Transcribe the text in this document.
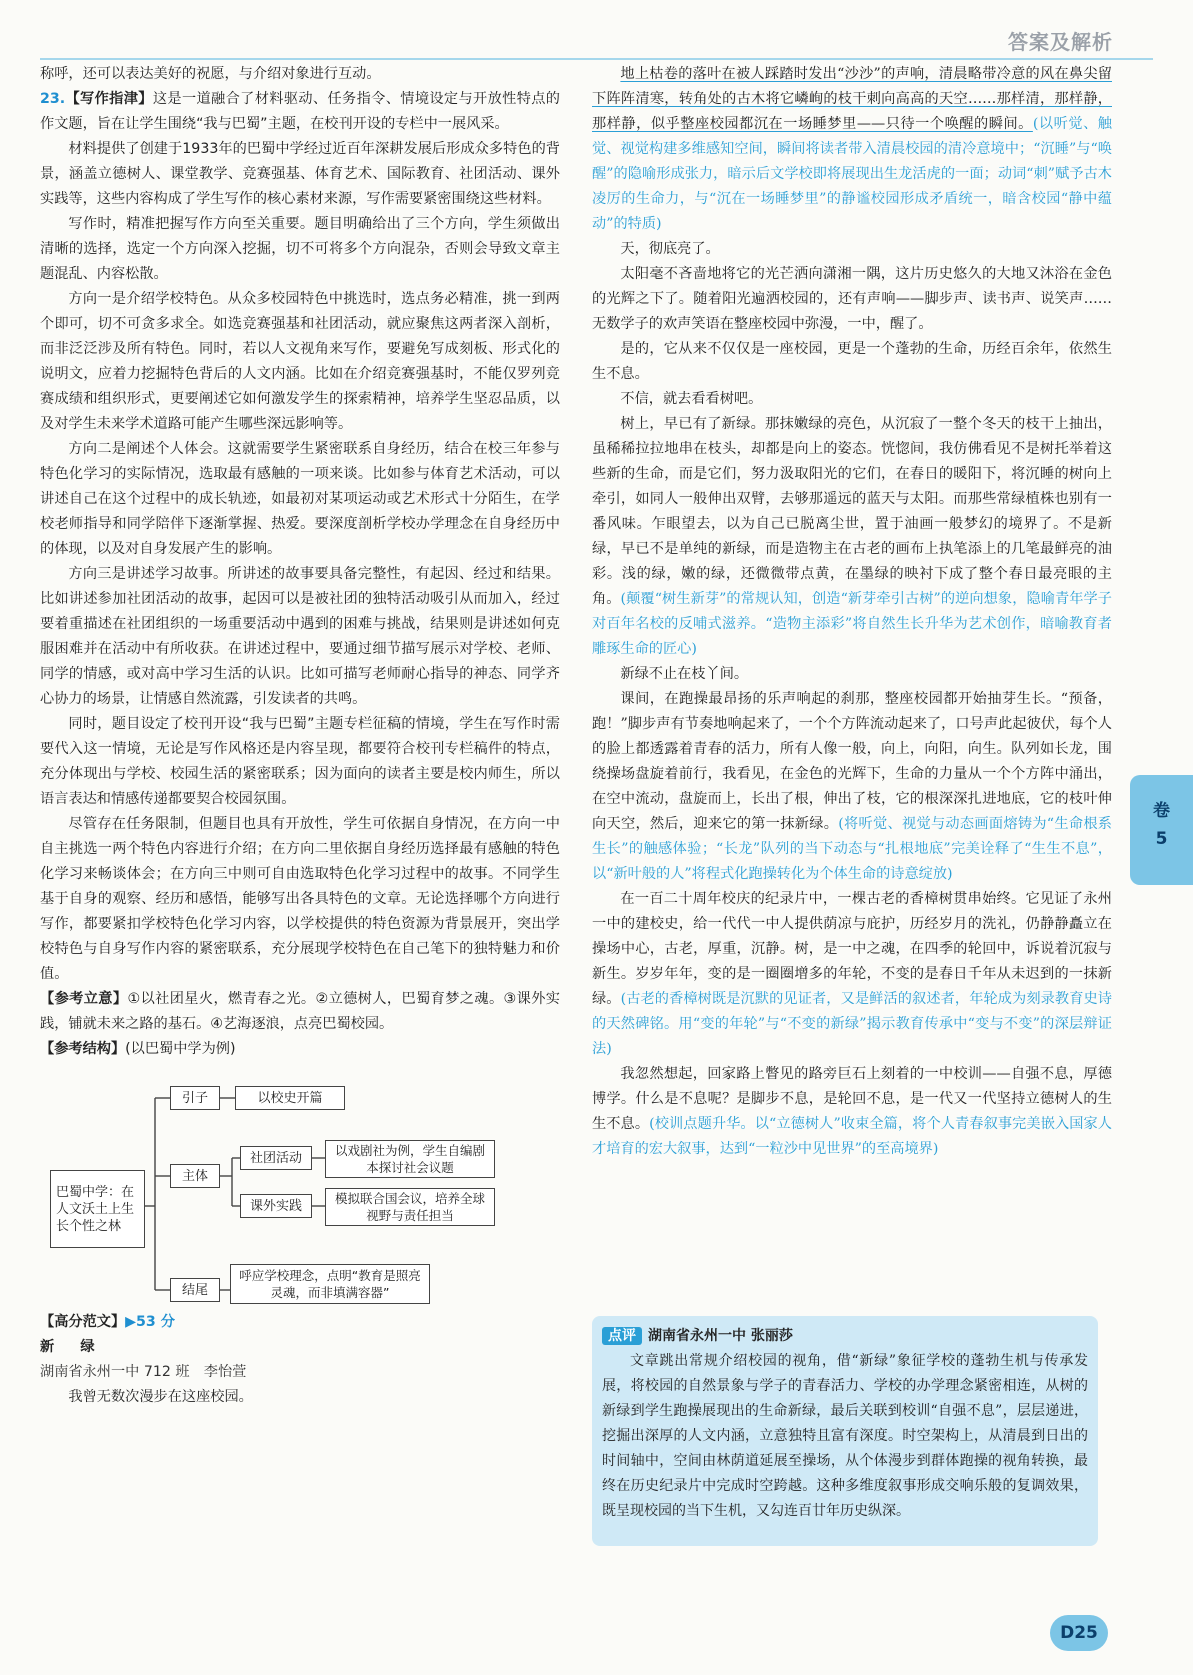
答案及解析

称呼，还可以表达美好的祝愿，与介绍对象进行互动。

23.【写作指津】这是一道融合了材料驱动、任务指令、情境设定与开放性特点的作文题，旨在让学生围绕“我与巴蜀”主题，在校刊开设的专栏中一展风采。

材料提供了创建于1933年的巴蜀中学经过近百年深耕发展后形成众多特色的背景，涵盖立德树人、课堂教学、竞赛强基、体育艺术、国际教育、社团活动、课外实践等，这些内容构成了学生写作的核心素材来源，写作需要紧密围绕这些材料。

写作时，精准把握写作方向至关重要。题目明确给出了三个方向，学生须做出清晰的选择，选定一个方向深入挖掘，切不可将多个方向混杂，否则会导致文章主题混乱、内容松散。

方向一是介绍学校特色。从众多校园特色中挑选时，选点务必精准，挑一到两个即可，切不可贪多求全。如选竞赛强基和社团活动，就应聚焦这两者深入剖析，而非泛泛涉及所有特色。同时，若以人文视角来写作，要避免写成刻板、形式化的说明文，应着力挖掘特色背后的人文内涵。比如在介绍竞赛强基时，不能仅罗列竞赛成绩和组织形式，更要阐述它如何激发学生的探索精神，培养学生坚忍品质，以及对学生未来学术道路可能产生哪些深远影响等。

方向二是阐述个人体会。这就需要学生紧密联系自身经历，结合在校三年参与特色化学习的实际情况，选取最有感触的一项来谈。比如参与体育艺术活动，可以讲述自己在这个过程中的成长轨迹，如最初对某项运动或艺术形式十分陌生，在学校老师指导和同学陪伴下逐渐掌握、热爱。要深度剖析学校办学理念在自身经历中的体现，以及对自身发展产生的影响。

方向三是讲述学习故事。所讲述的故事要具备完整性，有起因、经过和结果。比如讲述参加社团活动的故事，起因可以是被社团的独特活动吸引从而加入，经过要着重描述在社团组织的一场重要活动中遇到的困难与挑战，结果则是讲述如何克服困难并在活动中有所收获。在讲述过程中，要通过细节描写展示对学校、老师、同学的情感，或对高中学习生活的认识。比如可描写老师耐心指导的神态、同学齐心协力的场景，让情感自然流露，引发读者的共鸣。

同时，题目设定了校刊开设“我与巴蜀”主题专栏征稿的情境，学生在写作时需要代入这一情境，无论是写作风格还是内容呈现，都要符合校刊专栏稿件的特点，充分体现出与学校、校园生活的紧密联系；因为面向的读者主要是校内师生，所以语言表达和情感传递都要契合校园氛围。

尽管存在任务限制，但题目也具有开放性，学生可依据自身情况，在方向一中自主挑选一两个特色内容进行介绍；在方向二里依据自身经历选择最有感触的特色化学习来畅谈体会；在方向三中则可自由选取特色化学习过程中的故事。不同学生基于自身的观察、经历和感悟，能够写出各具特色的文章。无论选择哪个方向进行写作，都要紧扣学校特色化学习内容，以学校提供的特色资源为背景展开，突出学校特色与自身写作内容的紧密联系，充分展现学校特色在自己笔下的独特魅力和价值。

【参考立意】①以社团星火，燃青春之光。②立德树人，巴蜀育梦之魂。③课外实践，铺就未来之路的基石。④艺海逐浪，点亮巴蜀校园。

【参考结构】(以巴蜀中学为例)

巴蜀中学：在人文沃土上生长个性之林
引子	以校史开篇
主体
社团活动	以戏剧社为例，学生自编剧本探讨社会议题
课外实践	模拟联合国会议，培养全球视野与责任担当
结尾
呼应学校理念，点明“教育是照亮灵魂，而非填满容器”

【高分范文】▶53 分

新　绿

湖南省永州一中 712 班　李怡萱

我曾无数次漫步在这座校园。

地上枯卷的落叶在被人踩踏时发出“沙沙”的声响，清晨略带冷意的风在鼻尖留下阵阵清寒，转角处的古木将它嶙峋的枝干刺向高高的天空……那样清，那样静，那样静，似乎整座校园都沉在一场睡梦里——只待一个唤醒的瞬间。(以听觉、触觉、视觉构建多维感知空间，瞬间将读者带入清晨校园的清冷意境中；“沉睡”与“唤醒”的隐喻形成张力，暗示后文学校即将展现出生龙活虎的一面；动词“刺”赋予古木凌厉的生命力，与“沉在一场睡梦里”的静谧校园形成矛盾统一，暗含校园“静中蕴动”的特质)

天，彻底亮了。

太阳毫不吝啬地将它的光芒洒向潇湘一隅，这片历史悠久的大地又沐浴在金色的光辉之下了。随着阳光遍洒校园的，还有声响——脚步声、读书声、说笑声……无数学子的欢声笑语在整座校园中弥漫，一中，醒了。

是的，它从来不仅仅是一座校园，更是一个蓬勃的生命，历经百余年，依然生生不息。

不信，就去看看树吧。

树上，早已有了新绿。那抹嫩绿的亮色，从沉寂了一整个冬天的枝干上抽出，虽稀稀拉拉地串在枝头，却都是向上的姿态。恍惚间，我仿佛看见不是树托举着这些新的生命，而是它们，努力汲取阳光的它们，在春日的暖阳下，将沉睡的树向上牵引，如同人一般伸出双臂，去够那遥远的蓝天与太阳。而那些常绿植株也别有一番风味。乍眼望去，以为自己已脱离尘世，置于油画一般梦幻的境界了。不是新绿，早已不是单纯的新绿，而是造物主在古老的画布上执笔添上的几笔最鲜亮的油彩。浅的绿，嫩的绿，还微微带点黄，在墨绿的映衬下成了整个春日最亮眼的主角。(颠覆“树生新芽”的常规认知，创造“新芽牵引古树”的逆向想象，隐喻青年学子对百年名校的反哺式滋养。“造物主添彩”将自然生长升华为艺术创作，暗喻教育者雕琢生命的匠心)

新绿不止在枝丫间。

课间，在跑操最昂扬的乐声响起的刹那，整座校园都开始抽芽生长。“预备，跑！”脚步声有节奏地响起来了，一个个方阵流动起来了，口号声此起彼伏，每个人的脸上都透露着青春的活力，所有人像一般，向上，向阳，向生。队列如长龙，围绕操场盘旋着前行，我看见，在金色的光辉下，生命的力量从一个个方阵中涌出，在空中流动，盘旋而上，长出了根，伸出了枝，它的根深深扎进地底，它的枝叶伸向天空，然后，迎来它的第一抹新绿。(将听觉、视觉与动态画面熔铸为“生命根系生长”的触感体验；“长龙”队列的当下动态与“扎根地底”完美诠释了“生生不息”，以“新叶般的人”将程式化跑操转化为个体生命的诗意绽放)

在一百二十周年校庆的纪录片中，一棵古老的香樟树贯串始终。它见证了永州一中的建校史，给一代代一中人提供荫凉与庇护，历经岁月的洗礼，仍静静矗立在操场中心，古老，厚重，沉静。树，是一中之魂，在四季的轮回中，诉说着沉寂与新生。岁岁年年，变的是一圈圈增多的年轮，不变的是春日千年从未迟到的一抹新绿。(古老的香樟树既是沉默的见证者，又是鲜活的叙述者，年轮成为刻录教育史诗的天然碑铭。用“变的年轮”与“不变的新绿”揭示教育传承中“变与不变”的深层辩证法)

我忽然想起，回家路上瞥见的路旁巨石上刻着的一中校训——自强不息，厚德博学。什么是不息呢？是脚步不息，是轮回不息，是一代又一代坚持立德树人的生生不息。(校训点题升华。以“立德树人”收束全篇，将个人青春叙事完美嵌入国家人才培育的宏大叙事，达到“一粒沙中见世界”的至高境界)

点评 湖南省永州一中 张丽莎
文章跳出常规介绍校园的视角，借“新绿”象征学校的蓬勃生机与传承发展，将校园的自然景象与学子的青春活力、学校的办学理念紧密相连，从树的新绿到学生跑操展现出的生命新绿，最后关联到校训“自强不息”，层层递进，挖掘出深厚的人文内涵，立意独特且富有深度。时空架构上，从清晨到日出的时间轴中，空间由林荫道延展至操场，从个体漫步到群体跑操的视角转换，最终在历史纪录片中完成时空跨越。这种多维度叙事形成交响乐般的复调效果，既呈现校园的当下生机，又勾连百廿年历史纵深。
卷
5
D25
